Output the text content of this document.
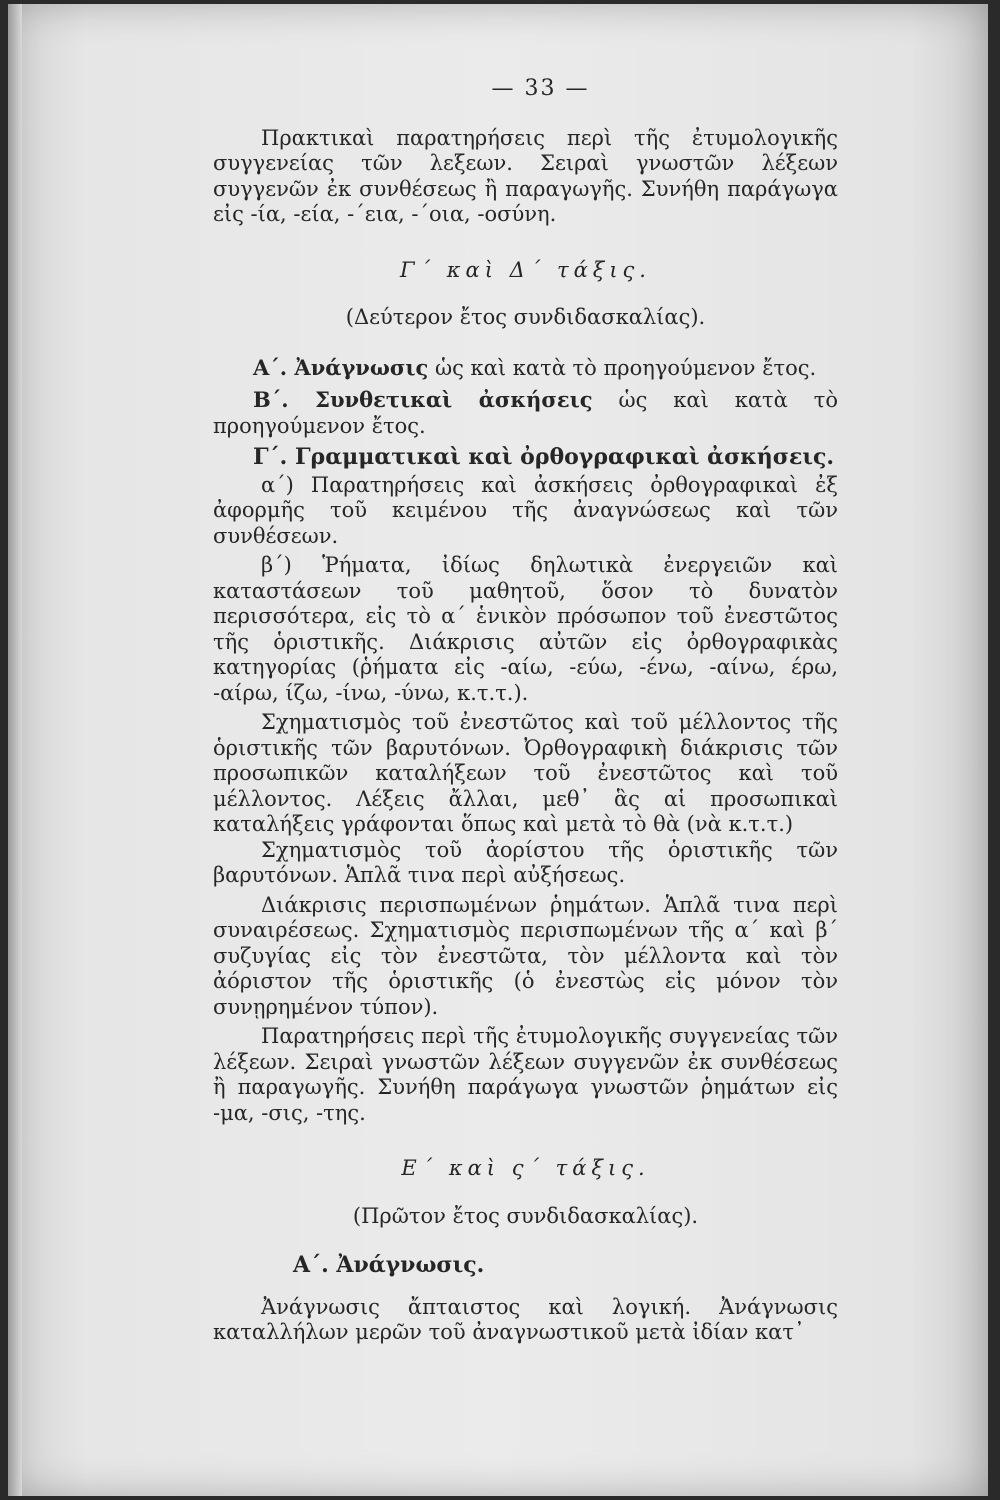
— 33 —

Πρακτικαὶ παρατηρήσεις περὶ τῆς ἐτυμολογικῆς συγγενείας τῶν λεξεων. Σειραὶ γνωστῶν λέξεων συγγενῶν ἐκ συνθέσεως ἢ παραγωγῆς. Συνήθη παράγωγα εἰς -ία, -εία, -΄εια, -΄οια, -οσύνη.

Γ΄ καὶ Δ΄ τάξις.
(Δεύτερον ἔτος συνδιδασκαλίας).

Α΄. Ἀνάγνωσις ὡς καὶ κατὰ τὸ προηγούμενον ἔτος.

Β΄. Συνθετικαὶ ἀσκήσεις ὡς καὶ κατὰ τὸ προηγούμενον ἔτος.

Γ΄. Γραμματικαὶ καὶ ὀρθογραφικαὶ ἀσκήσεις.

α΄) Παρατηρήσεις καὶ ἀσκήσεις ὀρθογραφικαὶ ἐξ ἀφορμῆς τοῦ κειμένου τῆς ἀναγνώσεως καὶ τῶν συνθέσεων.

β΄) Ῥήματα, ἰδίως δηλωτικὰ ἐνεργειῶν καὶ καταστάσεων τοῦ μαθητοῦ, ὅσον τὸ δυνατὸν περισσότερα, εἰς τὸ α΄ ἑνικὸν πρόσωπον τοῦ ἐνεστῶτος τῆς ὁριστικῆς. Διάκρισις αὐτῶν εἰς ὀρθογραφικὰς κατηγορίας (ῥήματα εἰς -αίω, -εύω, -ένω, -αίνω, έρω, -αίρω, ίζω, -ίνω, -ύνω, κ.τ.τ.).

Σχηματισμὸς τοῦ ἐνεστῶτος καὶ τοῦ μέλλοντος τῆς ὁριστικῆς τῶν βαρυτόνων. Ὀρθογραφικὴ διάκρισις τῶν προσωπικῶν καταλήξεων τοῦ ἐνεστῶτος καὶ τοῦ μέλλοντος. Λέξεις ἄλλαι, μεθ᾽ ἃς αἱ προσωπικαὶ καταλήξεις γράφονται ὅπως καὶ μετὰ τὸ θὰ (νὰ κ.τ.τ.)

Σχηματισμὸς τοῦ ἀορίστου τῆς ὁριστικῆς τῶν βαρυτόνων. Ἁπλᾶ τινα περὶ αὐξήσεως.

Διάκρισις περισπωμένων ῥημάτων. Ἁπλᾶ τινα περὶ συναιρέσεως. Σχηματισμὸς περισπωμένων τῆς α΄ καὶ β΄ συζυγίας εἰς τὸν ἐνεστῶτα, τὸν μέλλοντα καὶ τὸν ἀόριστον τῆς ὁριστικῆς (ὁ ἐνεστὼς εἰς μόνον τὸν συνῃρημένον τύπον).

Παρατηρήσεις περὶ τῆς ἐτυμολογικῆς συγγενείας τῶν λέξεων. Σειραὶ γνωστῶν λέξεων συγγενῶν ἐκ συνθέσεως ἢ παραγωγῆς. Συνήθη παράγωγα γνωστῶν ῥημάτων εἰς -μα, -σις, -της.

Ε΄ καὶ ς΄ τάξις.
(Πρῶτον ἔτος συνδιδασκαλίας).
Α΄. Ἀνάγνωσις.

Ἀνάγνωσις ἄπταιστος καὶ λογική. Ἀνάγνωσις καταλλήλων μερῶν τοῦ ἀναγνωστικοῦ μετὰ ἰδίαν κατ᾽
